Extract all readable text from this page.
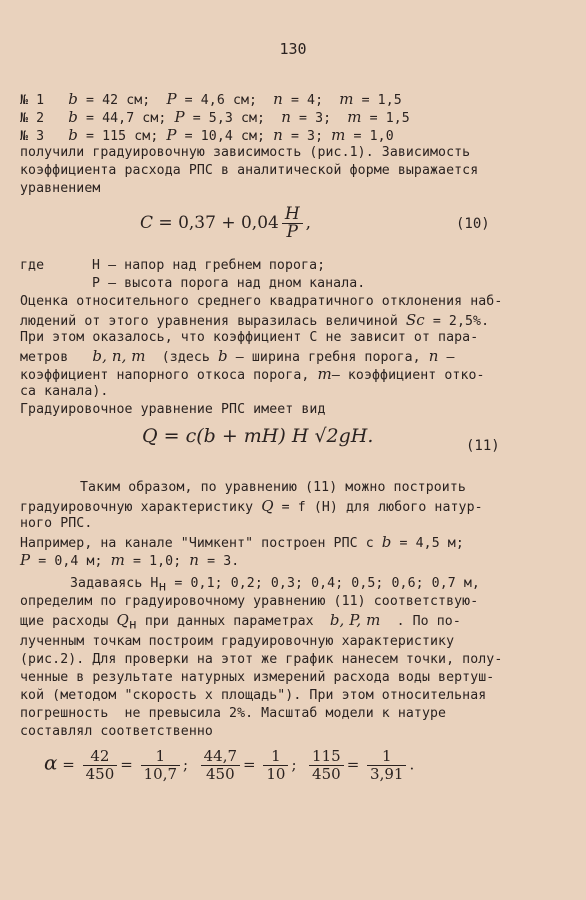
130
№ 1 b = 42 см; P = 4,6 см; n = 4;  m = 1,5
№ 2 b = 44,7 см; P = 5,3 см; n = 3;  m = 1,5
№ 3 b = 115 см; P = 10,4 см; n = 3; m = 1,0
получили градуировочную зависимость (рис.1). Зависимость
коэффициента расхода РПС в аналитической форме выражается
уравнением
$C = 0,37 + 0,04 \frac{H}{P}$ ,	(10)
где	H – напор над гребнем порога;
P – высота порога над дном канала.
Оценка относительного среднего квадратичного отклонения наб-
людений от этого уравнения выразилась величиной Sc = 2,5%.
При этом оказалось, что коэффициент C не зависит от пара-
метров b, n, m (здесь b – ширина гребня порога, n –
коэффициент напорного откоса порога, m– коэффициент отко-
са канала).
Градуировочное уравнение РПС имеет вид
Q = c(b + mH) H √2gH.	(11)
Таким образом, по уравнению (11) можно построить
градуировочную характеристику Q = f (H) для любого натур-
ного РПС.
Например, на канале "Чимкент" построен РПС с b = 4,5 м;
P = 0,4 м; m = 1,0; n = 3.
Задаваясь $H_н = 0,1$; 0,2; 0,3; 0,4; 0,5; 0,6; 0,7 м,
определим по градуировочному уравнению (11) соответствую-
щие расходы $Q_н$ при данных параметрах b, P, m . По по-
лученным точкам построим градуировочную характеристику
(рис.2). Для проверки на этот же график нанесем точки, полу-
ченные в результате натурных измерений расхода воды вертуш-
кой (методом "скорость х площадь"). При этом относительная
погрешность  не превысила 2%. Масштаб модели к натуре
составлял соответственно
$\alpha = \frac{42}{450} = \frac{1}{10,7}$ ; $\frac{44,7}{450} = \frac{1}{10}$ ; $\frac{115}{450} = \frac{1}{3,91}$ .
